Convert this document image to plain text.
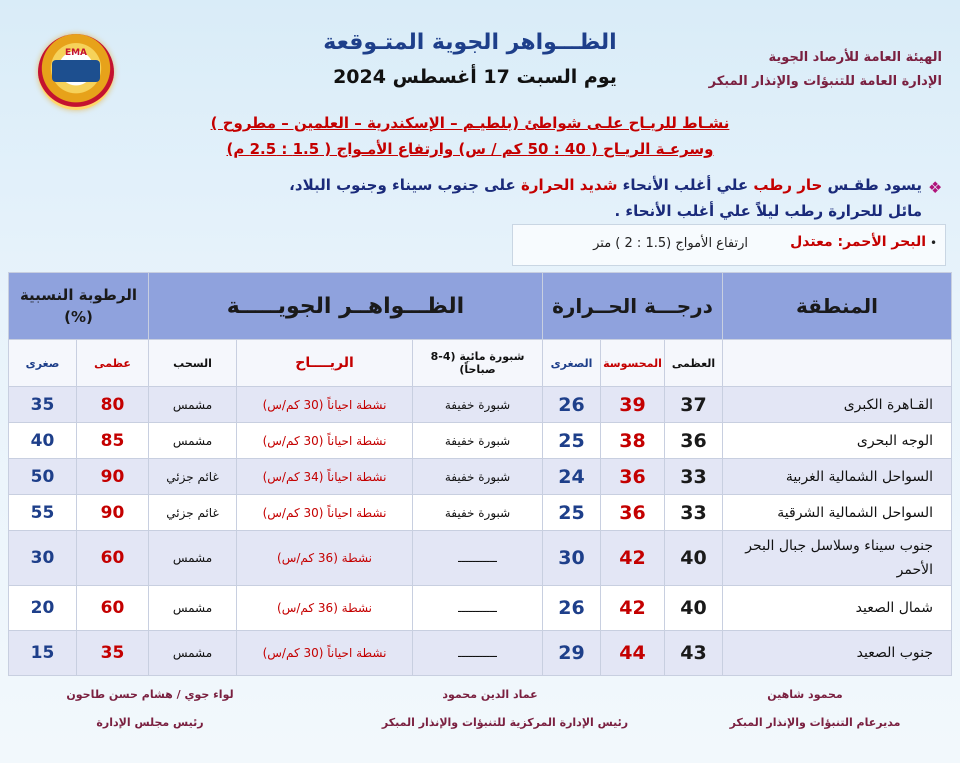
EMA	الظـــواهر الجوية المتـوقعة
يوم السبت 17 أغسطس 2024
الهيئة العامة للأرصاد الجوية
الإدارة العامة للتنبؤات والإنذار المبكر
نشـاط للريـاح علـى شواطئ (بلطيـم – الإسكندرية – العلمين – مطروح )
وسرعـة الريـاح ( 40 : 50 كم / س) وارتفاع الأمـواج ( 1.5 : 2.5 م)
❖
يسود طقـس حار رطب علي أغلب الأنحاء شديد الحرارة على جنوب سيناء وجنوب البلاد، مائل للحرارة رطب ليلاً علي أغلب الأنحاء .
•
البحر الأحمر: معتدل
ارتفاع الأمواج (1.5 : 2 ) متر
المنطقة	درجـــة الحــرارة			الظـــواهــر الجويـــــة			الرطوبة النسبية (%)	
	العظمى	المحسوسة	الصغرى	شبورة مائية (4-8 صباحاً)	الريــــاح	السحب	عظمى	صغرى
القـاهرة الكبرى	37	39	26	شبورة خفيفة	نشطة احياناً (30 كم/س)	مشمس	80	35
الوجه البحرى	36	38	25	شبورة خفيفة	نشطة احياناً (30 كم/س)	مشمس	85	40
السواحل الشمالية الغربية	33	36	24	شبورة خفيفة	نشطة احياناً (34 كم/س)	غائم جزئي	90	50
السواحل الشمالية الشرقية	33	36	25	شبورة خفيفة	نشطة احياناً (30 كم/س)	غائم جزئي	90	55
جنوب سيناء وسلاسل جبال البحر الأحمر	40	42	30	ـــــــــــ	نشطة (36 كم/س)	مشمس	60	30
شمال الصعيد	40	42	26	ـــــــــــ	نشطة (36 كم/س)	مشمس	60	20
جنوب الصعيد	43	44	29	ـــــــــــ	نشطة احياناً (30 كم/س)	مشمس	35	15
لواء جوي / هشام حسن طاحون
رئيس مجلس الإدارة
عماد الدين محمود
رئيس الإدارة المركزية للتنبؤات والإنذار المبكر
محمود شاهين
مديرعام التنبؤات والإنذار المبكر
